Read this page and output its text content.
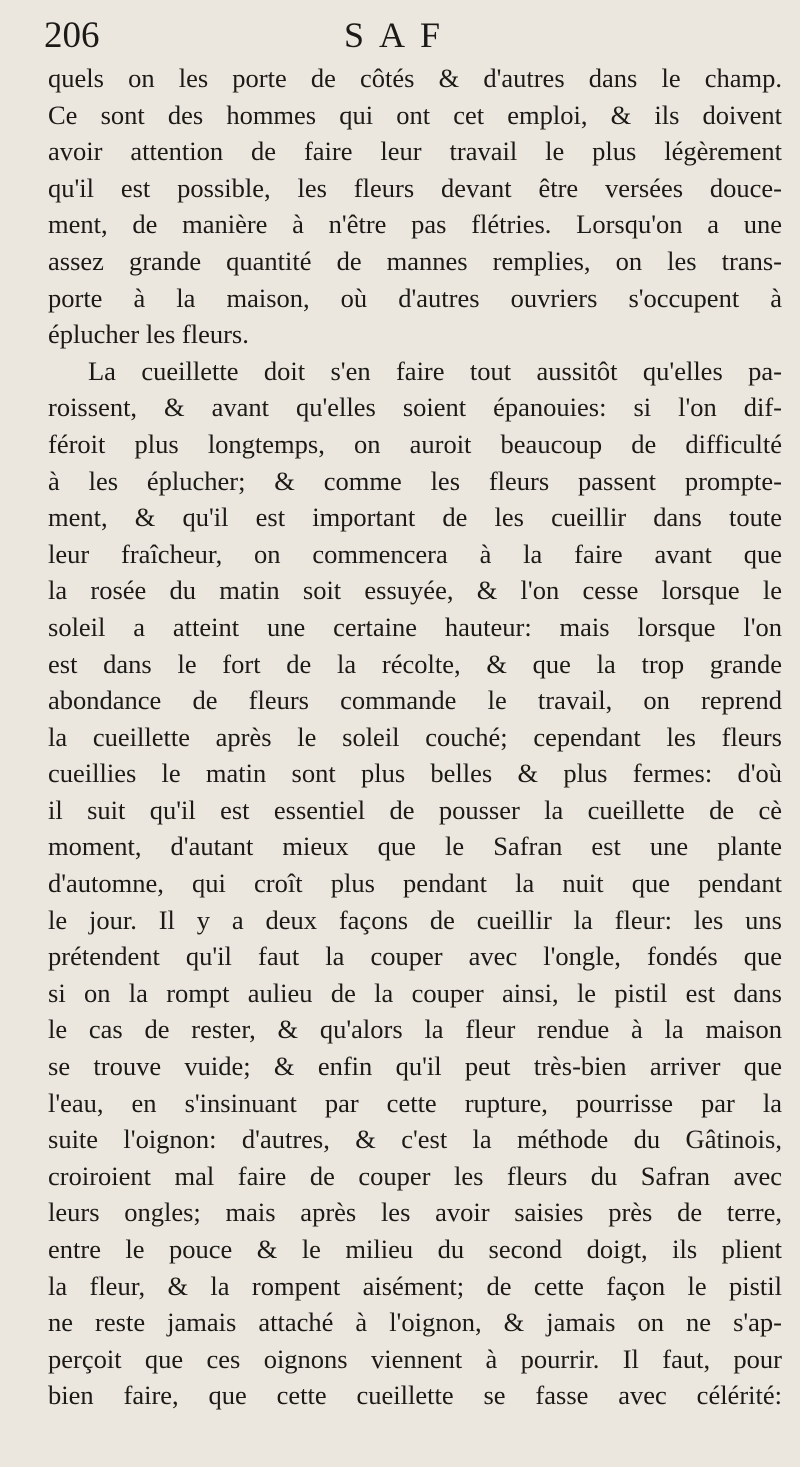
206	SAF
quels on les porte de côtés & d'autres dans le champ.
Ce sont des hommes qui ont cet emploi, & ils doivent
avoir attention de faire leur travail le plus légèrement
qu'il est possible, les fleurs devant être versées douce-
ment, de manière à n'être pas flétries. Lorsqu'on a une
assez grande quantité de mannes remplies, on les trans-
porte à la maison, où d'autres ouvriers s'occupent à
éplucher les fleurs.
La cueillette doit s'en faire tout aussitôt qu'elles pa-
roissent, & avant qu'elles soient épanouies: si l'on dif-
féroit plus longtemps, on auroit beaucoup de difficulté
à les éplucher; & comme les fleurs passent prompte-
ment, & qu'il est important de les cueillir dans toute
leur fraîcheur, on commencera à la faire avant que
la rosée du matin soit essuyée, & l'on cesse lorsque le
soleil a atteint une certaine hauteur: mais lorsque l'on
est dans le fort de la récolte, & que la trop grande
abondance de fleurs commande le travail, on reprend
la cueillette après le soleil couché; cependant les fleurs
cueillies le matin sont plus belles & plus fermes: d'où
il suit qu'il est essentiel de pousser la cueillette de cè
moment, d'autant mieux que le Safran est une plante
d'automne, qui croît plus pendant la nuit que pendant
le jour. Il y a deux façons de cueillir la fleur: les uns
prétendent qu'il faut la couper avec l'ongle, fondés que
si on la rompt aulieu de la couper ainsi, le pistil est dans
le cas de rester, & qu'alors la fleur rendue à la maison
se trouve vuide; & enfin qu'il peut très-bien arriver que
l'eau, en s'insinuant par cette rupture, pourrisse par la
suite l'oignon: d'autres, & c'est la méthode du Gâtinois,
croiroient mal faire de couper les fleurs du Safran avec
leurs ongles; mais après les avoir saisies près de terre,
entre le pouce & le milieu du second doigt, ils plient
la fleur, & la rompent aisément; de cette façon le pistil
ne reste jamais attaché à l'oignon, & jamais on ne s'ap-
perçoit que ces oignons viennent à pourrir. Il faut, pour
bien faire, que cette cueillette se fasse avec célérité:
